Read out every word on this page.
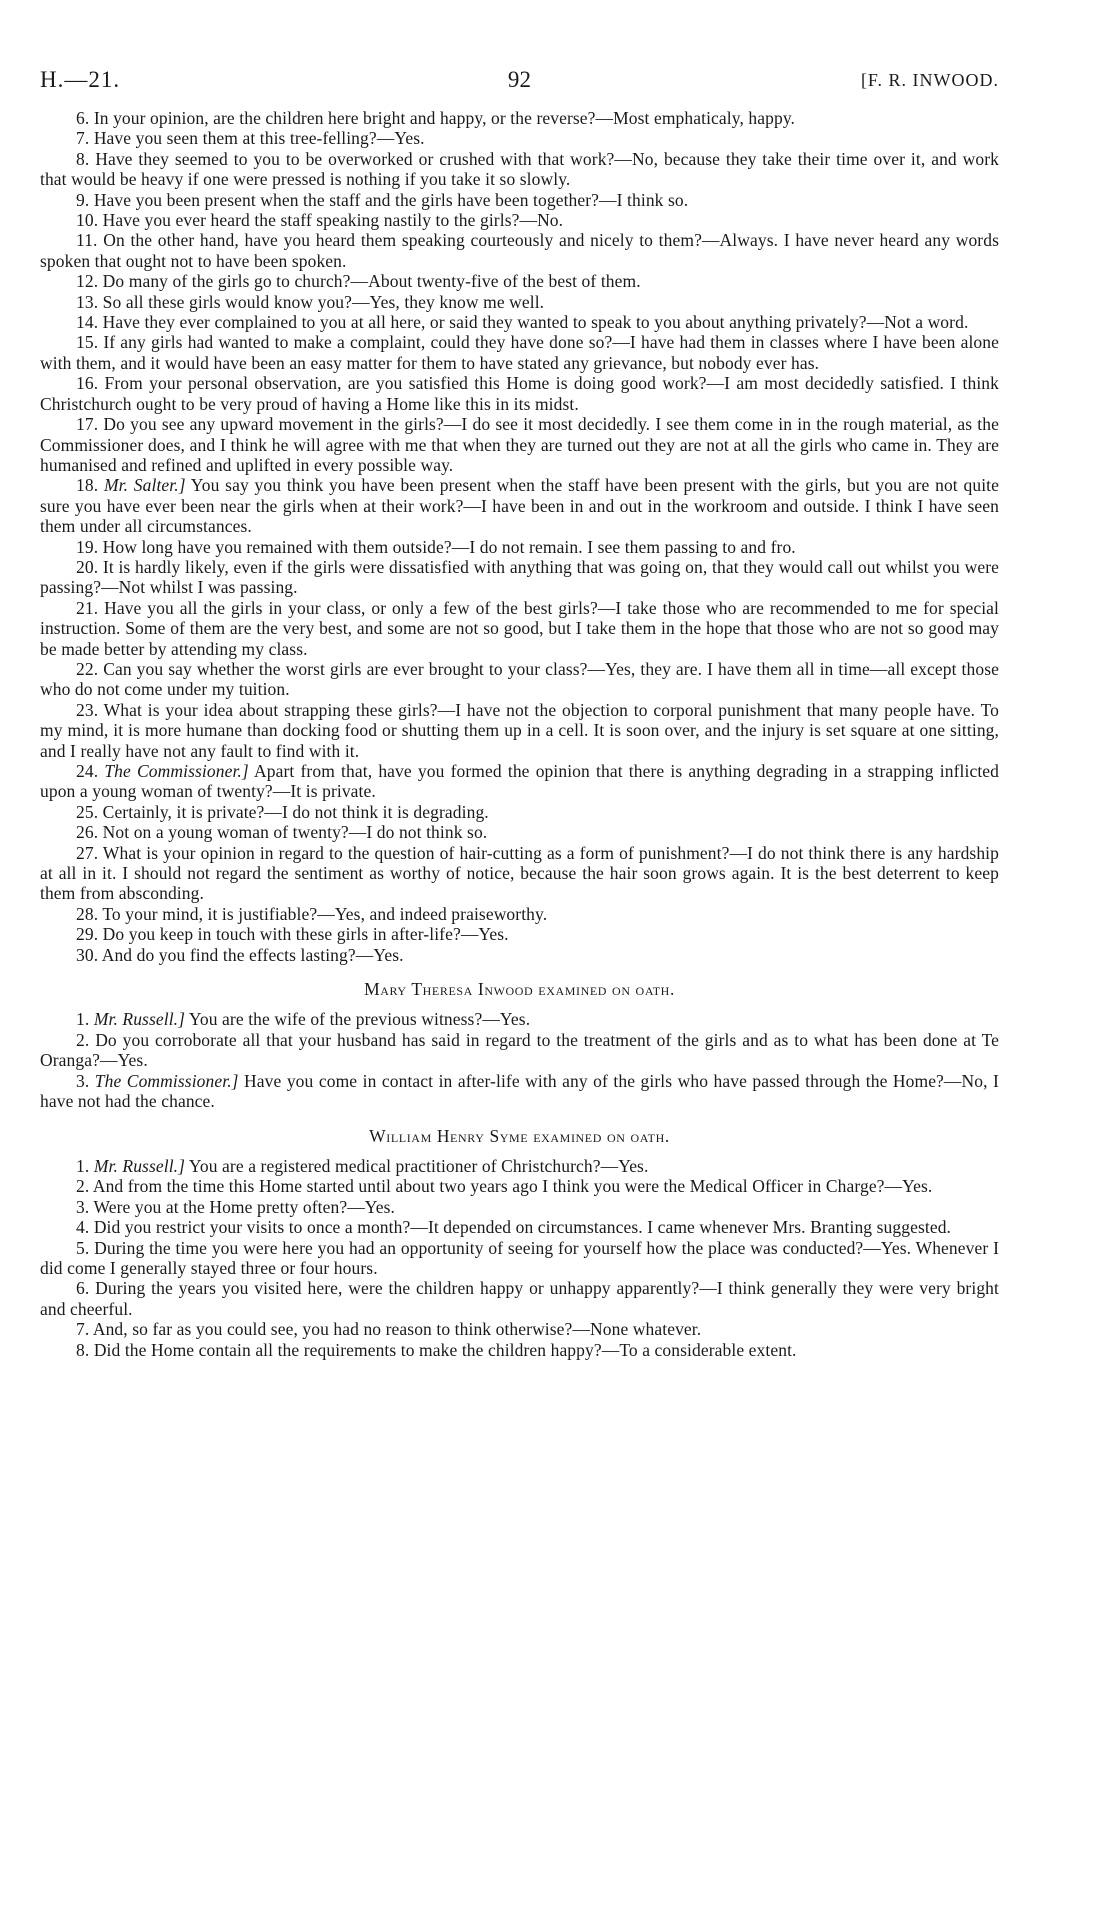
H.—21.	92	[F. R. INWOOD.

6. In your opinion, are the children here bright and happy, or the reverse?—Most emphaticaly, happy.

7. Have you seen them at this tree-felling?—Yes.

8. Have they seemed to you to be overworked or crushed with that work?—No, because they take their time over it, and work that would be heavy if one were pressed is nothing if you take it so slowly.

9. Have you been present when the staff and the girls have been together?—I think so.

10. Have you ever heard the staff speaking nastily to the girls?—No.

11. On the other hand, have you heard them speaking courteously and nicely to them?—Always. I have never heard any words spoken that ought not to have been spoken.

12. Do many of the girls go to church?—About twenty-five of the best of them.

13. So all these girls would know you?—Yes, they know me well.

14. Have they ever complained to you at all here, or said they wanted to speak to you about anything privately?—Not a word.

15. If any girls had wanted to make a complaint, could they have done so?—I have had them in classes where I have been alone with them, and it would have been an easy matter for them to have stated any grievance, but nobody ever has.

16. From your personal observation, are you satisfied this Home is doing good work?—I am most decidedly satisfied. I think Christchurch ought to be very proud of having a Home like this in its midst.

17. Do you see any upward movement in the girls?—I do see it most decidedly. I see them come in in the rough material, as the Commissioner does, and I think he will agree with me that when they are turned out they are not at all the girls who came in. They are humanised and refined and uplifted in every possible way.

18. Mr. Salter.] You say you think you have been present when the staff have been present with the girls, but you are not quite sure you have ever been near the girls when at their work?—I have been in and out in the workroom and outside. I think I have seen them under all circumstances.

19. How long have you remained with them outside?—I do not remain. I see them passing to and fro.

20. It is hardly likely, even if the girls were dissatisfied with anything that was going on, that they would call out whilst you were passing?—Not whilst I was passing.

21. Have you all the girls in your class, or only a few of the best girls?—I take those who are recommended to me for special instruction. Some of them are the very best, and some are not so good, but I take them in the hope that those who are not so good may be made better by attending my class.

22. Can you say whether the worst girls are ever brought to your class?—Yes, they are. I have them all in time—all except those who do not come under my tuition.

23. What is your idea about strapping these girls?—I have not the objection to corporal punishment that many people have. To my mind, it is more humane than docking food or shutting them up in a cell. It is soon over, and the injury is set square at one sitting, and I really have not any fault to find with it.

24. The Commissioner.] Apart from that, have you formed the opinion that there is anything degrading in a strapping inflicted upon a young woman of twenty?—It is private.

25. Certainly, it is private?—I do not think it is degrading.

26. Not on a young woman of twenty?—I do not think so.

27. What is your opinion in regard to the question of hair-cutting as a form of punishment?—I do not think there is any hardship at all in it. I should not regard the sentiment as worthy of notice, because the hair soon grows again. It is the best deterrent to keep them from absconding.

28. To your mind, it is justifiable?—Yes, and indeed praiseworthy.

29. Do you keep in touch with these girls in after-life?—Yes.

30. And do you find the effects lasting?—Yes.

Mary Theresa Inwood examined on oath.

1. Mr. Russell.] You are the wife of the previous witness?—Yes.

2. Do you corroborate all that your husband has said in regard to the treatment of the girls and as to what has been done at Te Oranga?—Yes.

3. The Commissioner.] Have you come in contact in after-life with any of the girls who have passed through the Home?—No, I have not had the chance.

William Henry Syme examined on oath.

1. Mr. Russell.] You are a registered medical practitioner of Christchurch?—Yes.

2. And from the time this Home started until about two years ago I think you were the Medical Officer in Charge?—Yes.

3. Were you at the Home pretty often?—Yes.

4. Did you restrict your visits to once a month?—It depended on circumstances. I came whenever Mrs. Branting suggested.

5. During the time you were here you had an opportunity of seeing for yourself how the place was conducted?—Yes. Whenever I did come I generally stayed three or four hours.

6. During the years you visited here, were the children happy or unhappy apparently?—I think generally they were very bright and cheerful.

7. And, so far as you could see, you had no reason to think otherwise?—None whatever.

8. Did the Home contain all the requirements to make the children happy?—To a considerable extent.
